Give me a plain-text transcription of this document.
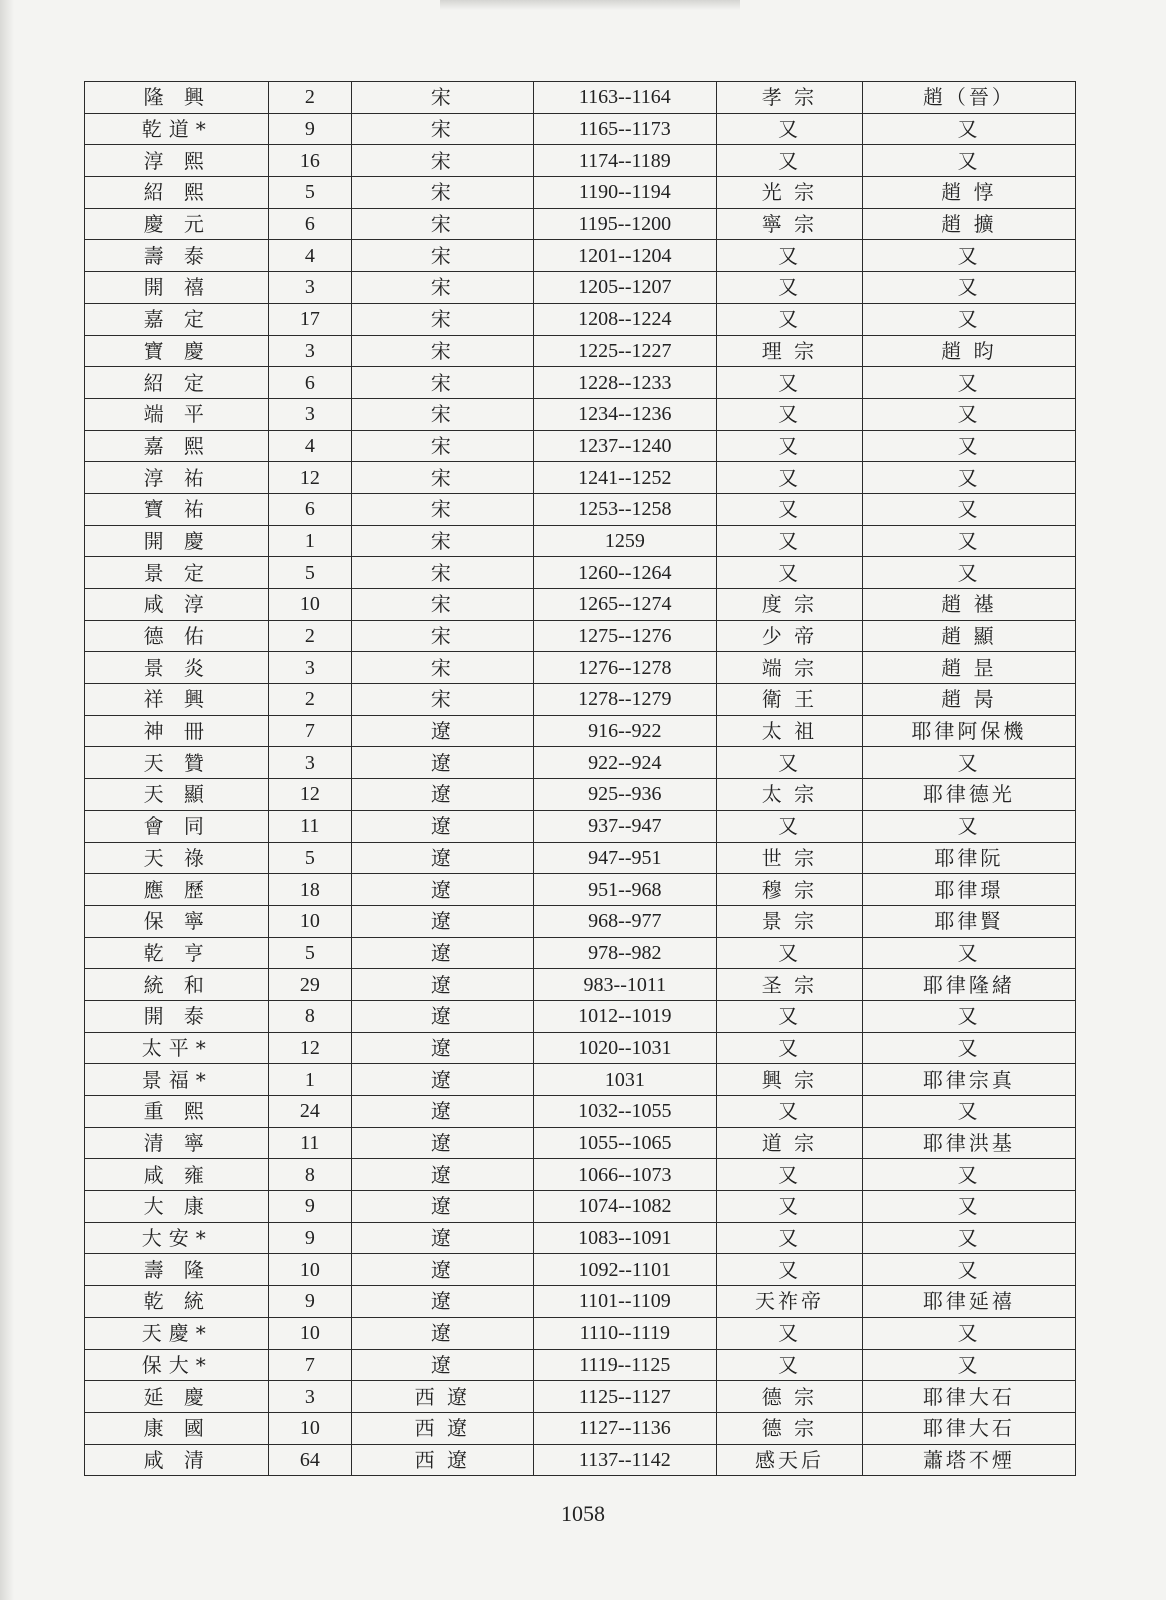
隆 興	2	宋	1163--1164	孝 宗	趙（晉）
乾道*	9	宋	1165--1173	又	又
淳 熙	16	宋	1174--1189	又	又
紹 熙	5	宋	1190--1194	光 宗	趙 惇
慶 元	6	宋	1195--1200	寧 宗	趙 擴
壽 泰	4	宋	1201--1204	又	又
開 禧	3	宋	1205--1207	又	又
嘉 定	17	宋	1208--1224	又	又
寶 慶	3	宋	1225--1227	理 宗	趙 昀
紹 定	6	宋	1228--1233	又	又
端 平	3	宋	1234--1236	又	又
嘉 熙	4	宋	1237--1240	又	又
淳 祐	12	宋	1241--1252	又	又
寶 祐	6	宋	1253--1258	又	又
開 慶	1	宋	1259	又	又
景 定	5	宋	1260--1264	又	又
咸 淳	10	宋	1265--1274	度 宗	趙 禥
德 佑	2	宋	1275--1276	少 帝	趙 顯
景 炎	3	宋	1276--1278	端 宗	趙 昰
祥 興	2	宋	1278--1279	衛 王	趙 昺
神 冊	7	遼	916--922	太 祖	耶律阿保機
天 贊	3	遼	922--924	又	又
天 顯	12	遼	925--936	太 宗	耶律德光
會 同	11	遼	937--947	又	又
天 祿	5	遼	947--951	世 宗	耶律阮
應 歷	18	遼	951--968	穆 宗	耶律璟
保 寧	10	遼	968--977	景 宗	耶律賢
乾 亨	5	遼	978--982	又	又
統 和	29	遼	983--1011	圣 宗	耶律隆緒
開 泰	8	遼	1012--1019	又	又
太平*	12	遼	1020--1031	又	又
景福*	1	遼	1031	興 宗	耶律宗真
重 熙	24	遼	1032--1055	又	又
清 寧	11	遼	1055--1065	道 宗	耶律洪基
咸 雍	8	遼	1066--1073	又	又
大 康	9	遼	1074--1082	又	又
大安*	9	遼	1083--1091	又	又
壽 隆	10	遼	1092--1101	又	又
乾 統	9	遼	1101--1109	天祚帝	耶律延禧
天慶*	10	遼	1110--1119	又	又
保大*	7	遼	1119--1125	又	又
延 慶	3	西 遼	1125--1127	德 宗	耶律大石
康 國	10	西 遼	1127--1136	德 宗	耶律大石
咸 清	64	西 遼	1137--1142	感天后	蕭塔不煙
1058
